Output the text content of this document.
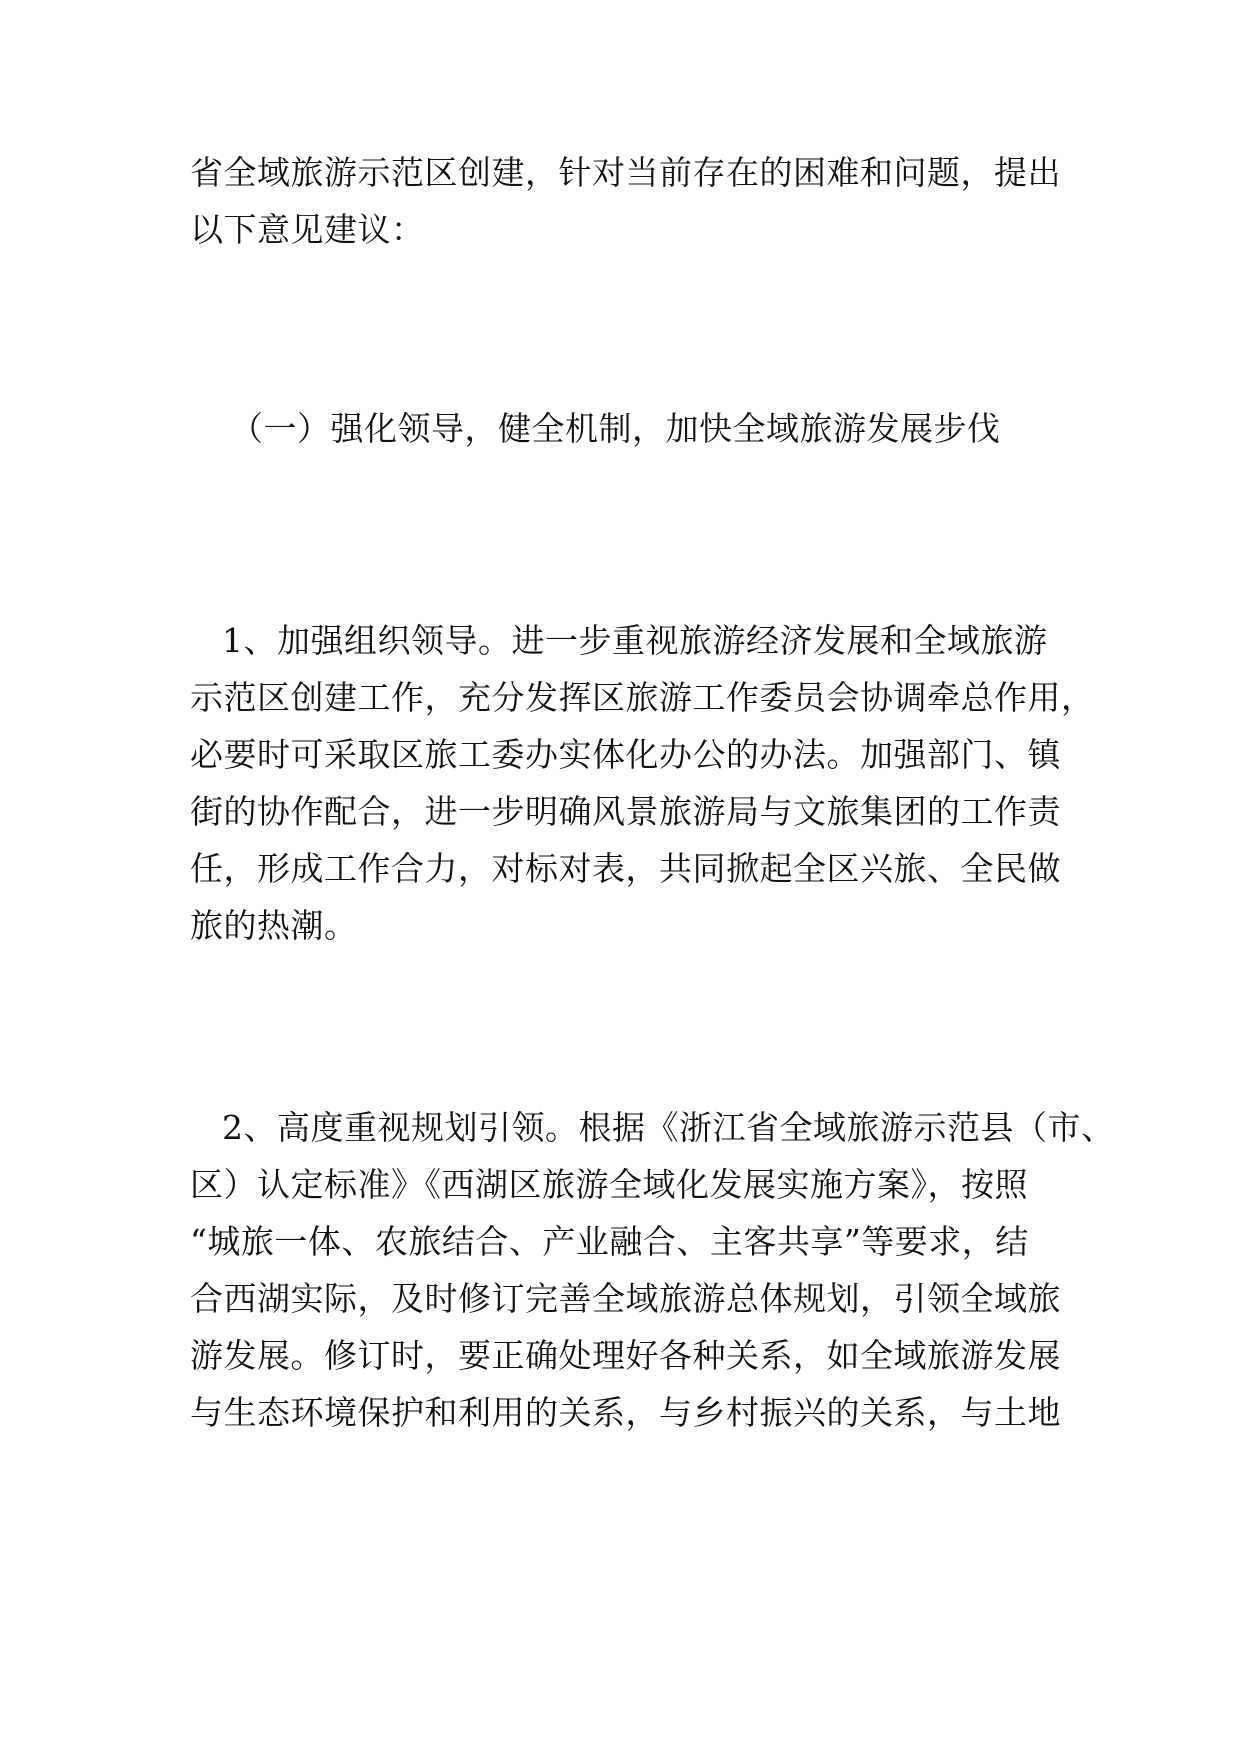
省全域旅游示范区创建，针对当前存在的困难和问题，提出
以下意见建议：
（一）强化领导，健全机制，加快全域旅游发展步伐
1、加强组织领导。进一步重视旅游经济发展和全域旅游
示范区创建工作，充分发挥区旅游工作委员会协调牵总作用，
必要时可采取区旅工委办实体化办公的办法。加强部门、镇
街的协作配合，进一步明确风景旅游局与文旅集团的工作责
任，形成工作合力，对标对表，共同掀起全区兴旅、全民做
旅的热潮。
2、高度重视规划引领。根据《浙江省全域旅游示范县（市、
区）认定标准》《西湖区旅游全域化发展实施方案》，按照
“城旅一体、农旅结合、产业融合、主客共享”等要求，结
合西湖实际，及时修订完善全域旅游总体规划，引领全域旅
游发展。修订时，要正确处理好各种关系，如全域旅游发展
与生态环境保护和利用的关系，与乡村振兴的关系，与土地
